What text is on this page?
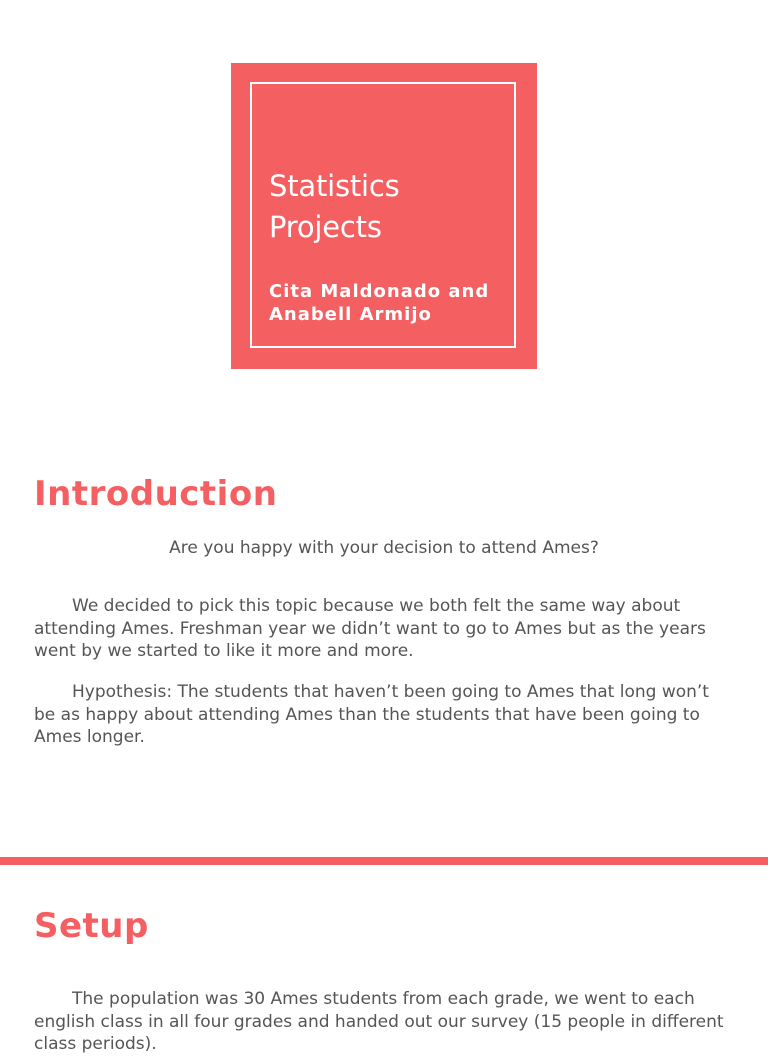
Statistics Projects
Cita Maldonado and Anabell Armijo
Introduction
Are you happy with your decision to attend Ames?

We decided to pick this topic because we both felt the same way about attending Ames. Freshman year we didn’t want to go to Ames but as the years went by we started to like it more and more.

Hypothesis: The students that haven’t been going to Ames that long won’t be as happy about attending Ames than the students that have been going to Ames longer.

Setup

The population was 30 Ames students from each grade, we went to each english class in all four grades and handed out our survey (15 people in different class periods).
